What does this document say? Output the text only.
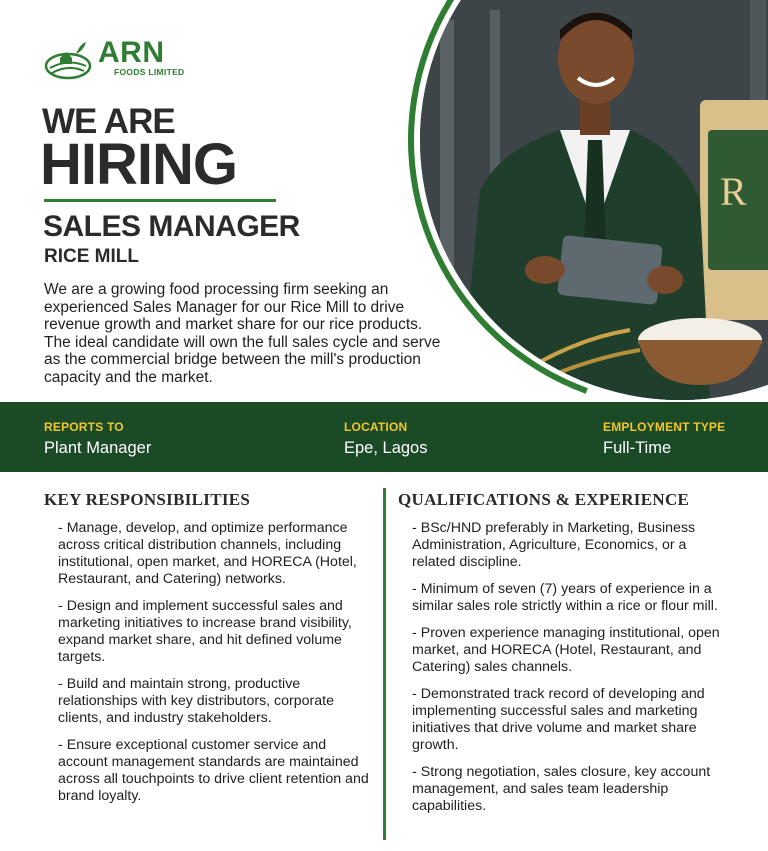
R
ARN
FOODS LIMITED
WE ARE
HIRING
SALES MANAGER
RICE MILL

We are a growing food processing firm seeking an experienced Sales Manager for our Rice Mill to drive revenue growth and market share for our rice products. The ideal candidate will own the full sales cycle and serve as the commercial bridge between the mill's production capacity and the market.

REPORTS TO
Plant Manager
LOCATION
Epe, Lagos
EMPLOYMENT TYPE
Full-Time
KEY RESPONSIBILITIES
- Manage, develop, and optimize performance across critical distribution channels, including institutional, open market, and HORECA (Hotel, Restaurant, and Catering) networks.
- Design and implement successful sales and marketing initiatives to increase brand visibility, expand market share, and hit defined volume targets.
- Build and maintain strong, productive relationships with key distributors, corporate clients, and industry stakeholders.
- Ensure exceptional customer service and account management standards are maintained across all touchpoints to drive client retention and brand loyalty.
QUALIFICATIONS & EXPERIENCE
- BSc/HND preferably in Marketing, Business Administration, Agriculture, Economics, or a related discipline.
- Minimum of seven (7) years of experience in a similar sales role strictly within a rice or flour mill.
- Proven experience managing institutional, open market, and HORECA (Hotel, Restaurant, and Catering) sales channels.
- Demonstrated track record of developing and implementing successful sales and marketing initiatives that drive volume and market share growth.
- Strong negotiation, sales closure, key account management, and sales team leadership capabilities.
